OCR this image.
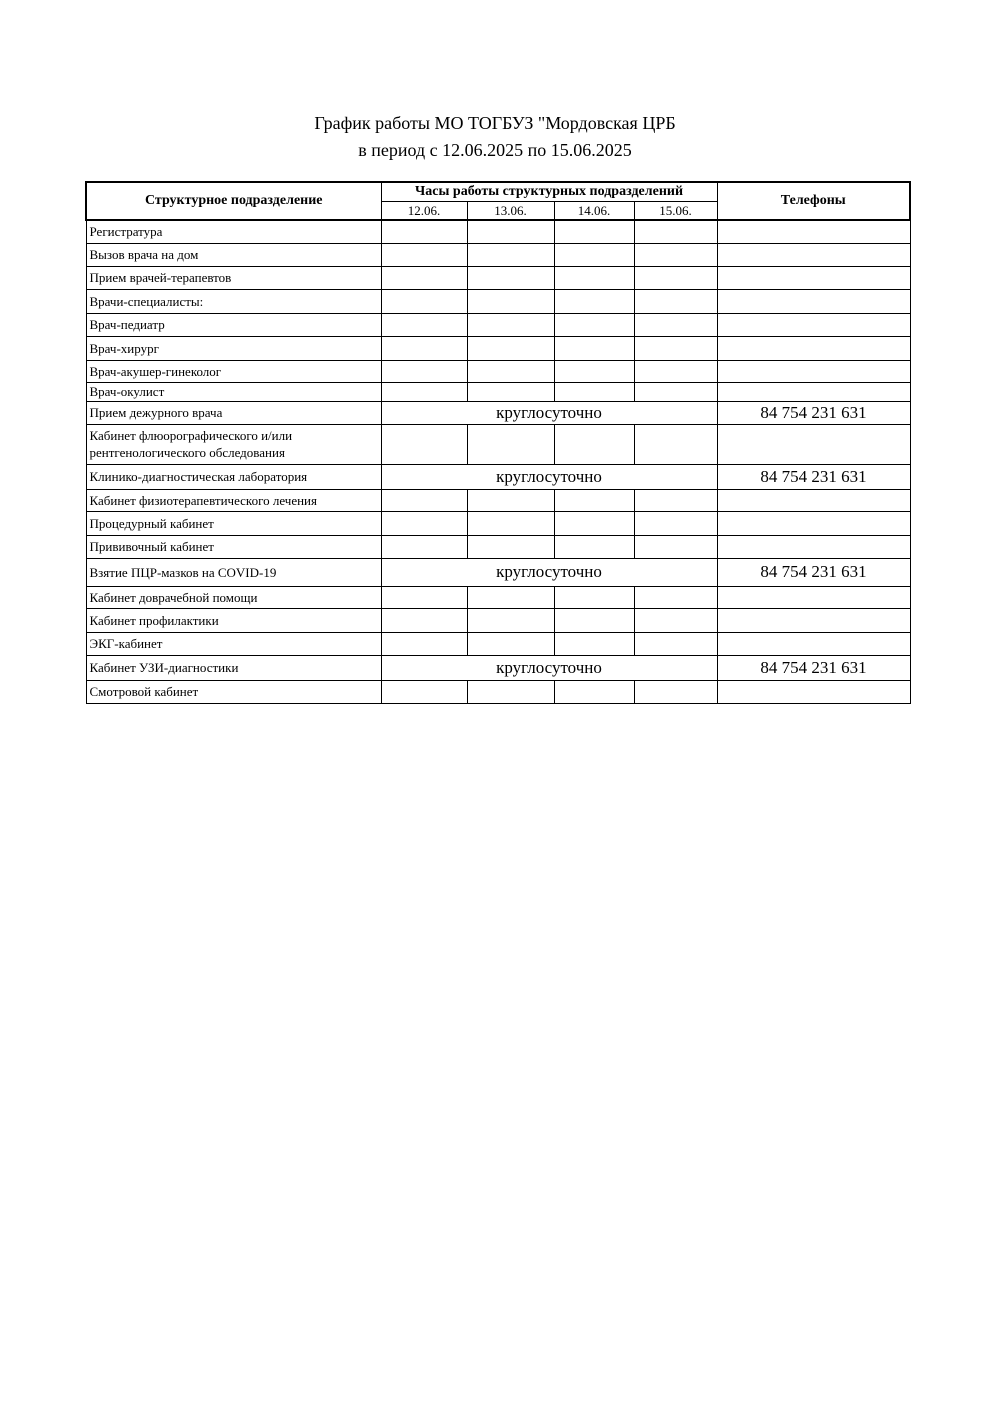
График работы МО ТОГБУЗ "Мордовская ЦРБ
в период с 12.06.2025 по 15.06.2025
Структурное подразделение	Часы работы структурных подразделений				Телефоны
	12.06.	13.06.	14.06.	15.06.	
Регистратура					
Вызов врача на дом					
Прием врачей-терапевтов					
Врачи-специалисты:					
Врач-педиатр					
Врач-хирург					
Врач-акушер-гинеколог					
Врач-окулист					
Прием дежурного врача	круглосуточно				84 754 231 631
Кабинет флюорографического и/или рентгенологического обследования					
Клинико-диагностическая лаборатория	круглосуточно				84 754 231 631
Кабинет физиотерапевтического лечения					
Процедурный кабинет					
Прививочный кабинет					
Взятие ПЦР-мазков на COVID-19	круглосуточно				84 754 231 631
Кабинет доврачебной помощи					
Кабинет профилактики					
ЭКГ-кабинет					
Кабинет УЗИ-диагностики	круглосуточно				84 754 231 631
Смотровой кабинет					
